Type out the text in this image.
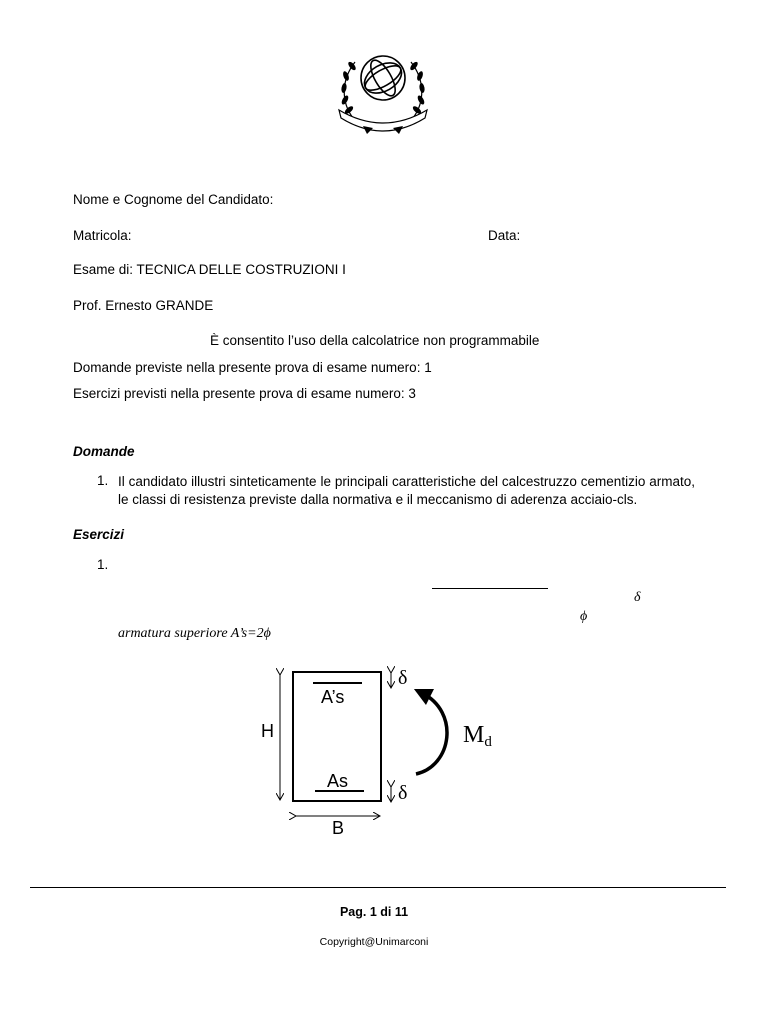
Nome e Cognome del Candidato:
Matricola:	Data:
Esame di: TECNICA DELLE COSTRUZIONI I
Prof. Ernesto GRANDE
È consentito l’uso della calcolatrice non programmabile
Domande previste nella presente prova di esame numero: 1
Esercizi previsti nella presente prova di esame numero: 3
Domande
1. Il candidato illustri sinteticamente le principali caratteristiche del calcestruzzo cementizio armato, le classi di resistenza previste dalla normativa e il meccanismo di aderenza acciaio-cls.
Esercizi
1.
δ
ϕ
armatura superiore A’s=2ϕ
A’s
As
H
B
δ
δ
Md
Pag. 1 di 11
Copyright@Unimarconi
